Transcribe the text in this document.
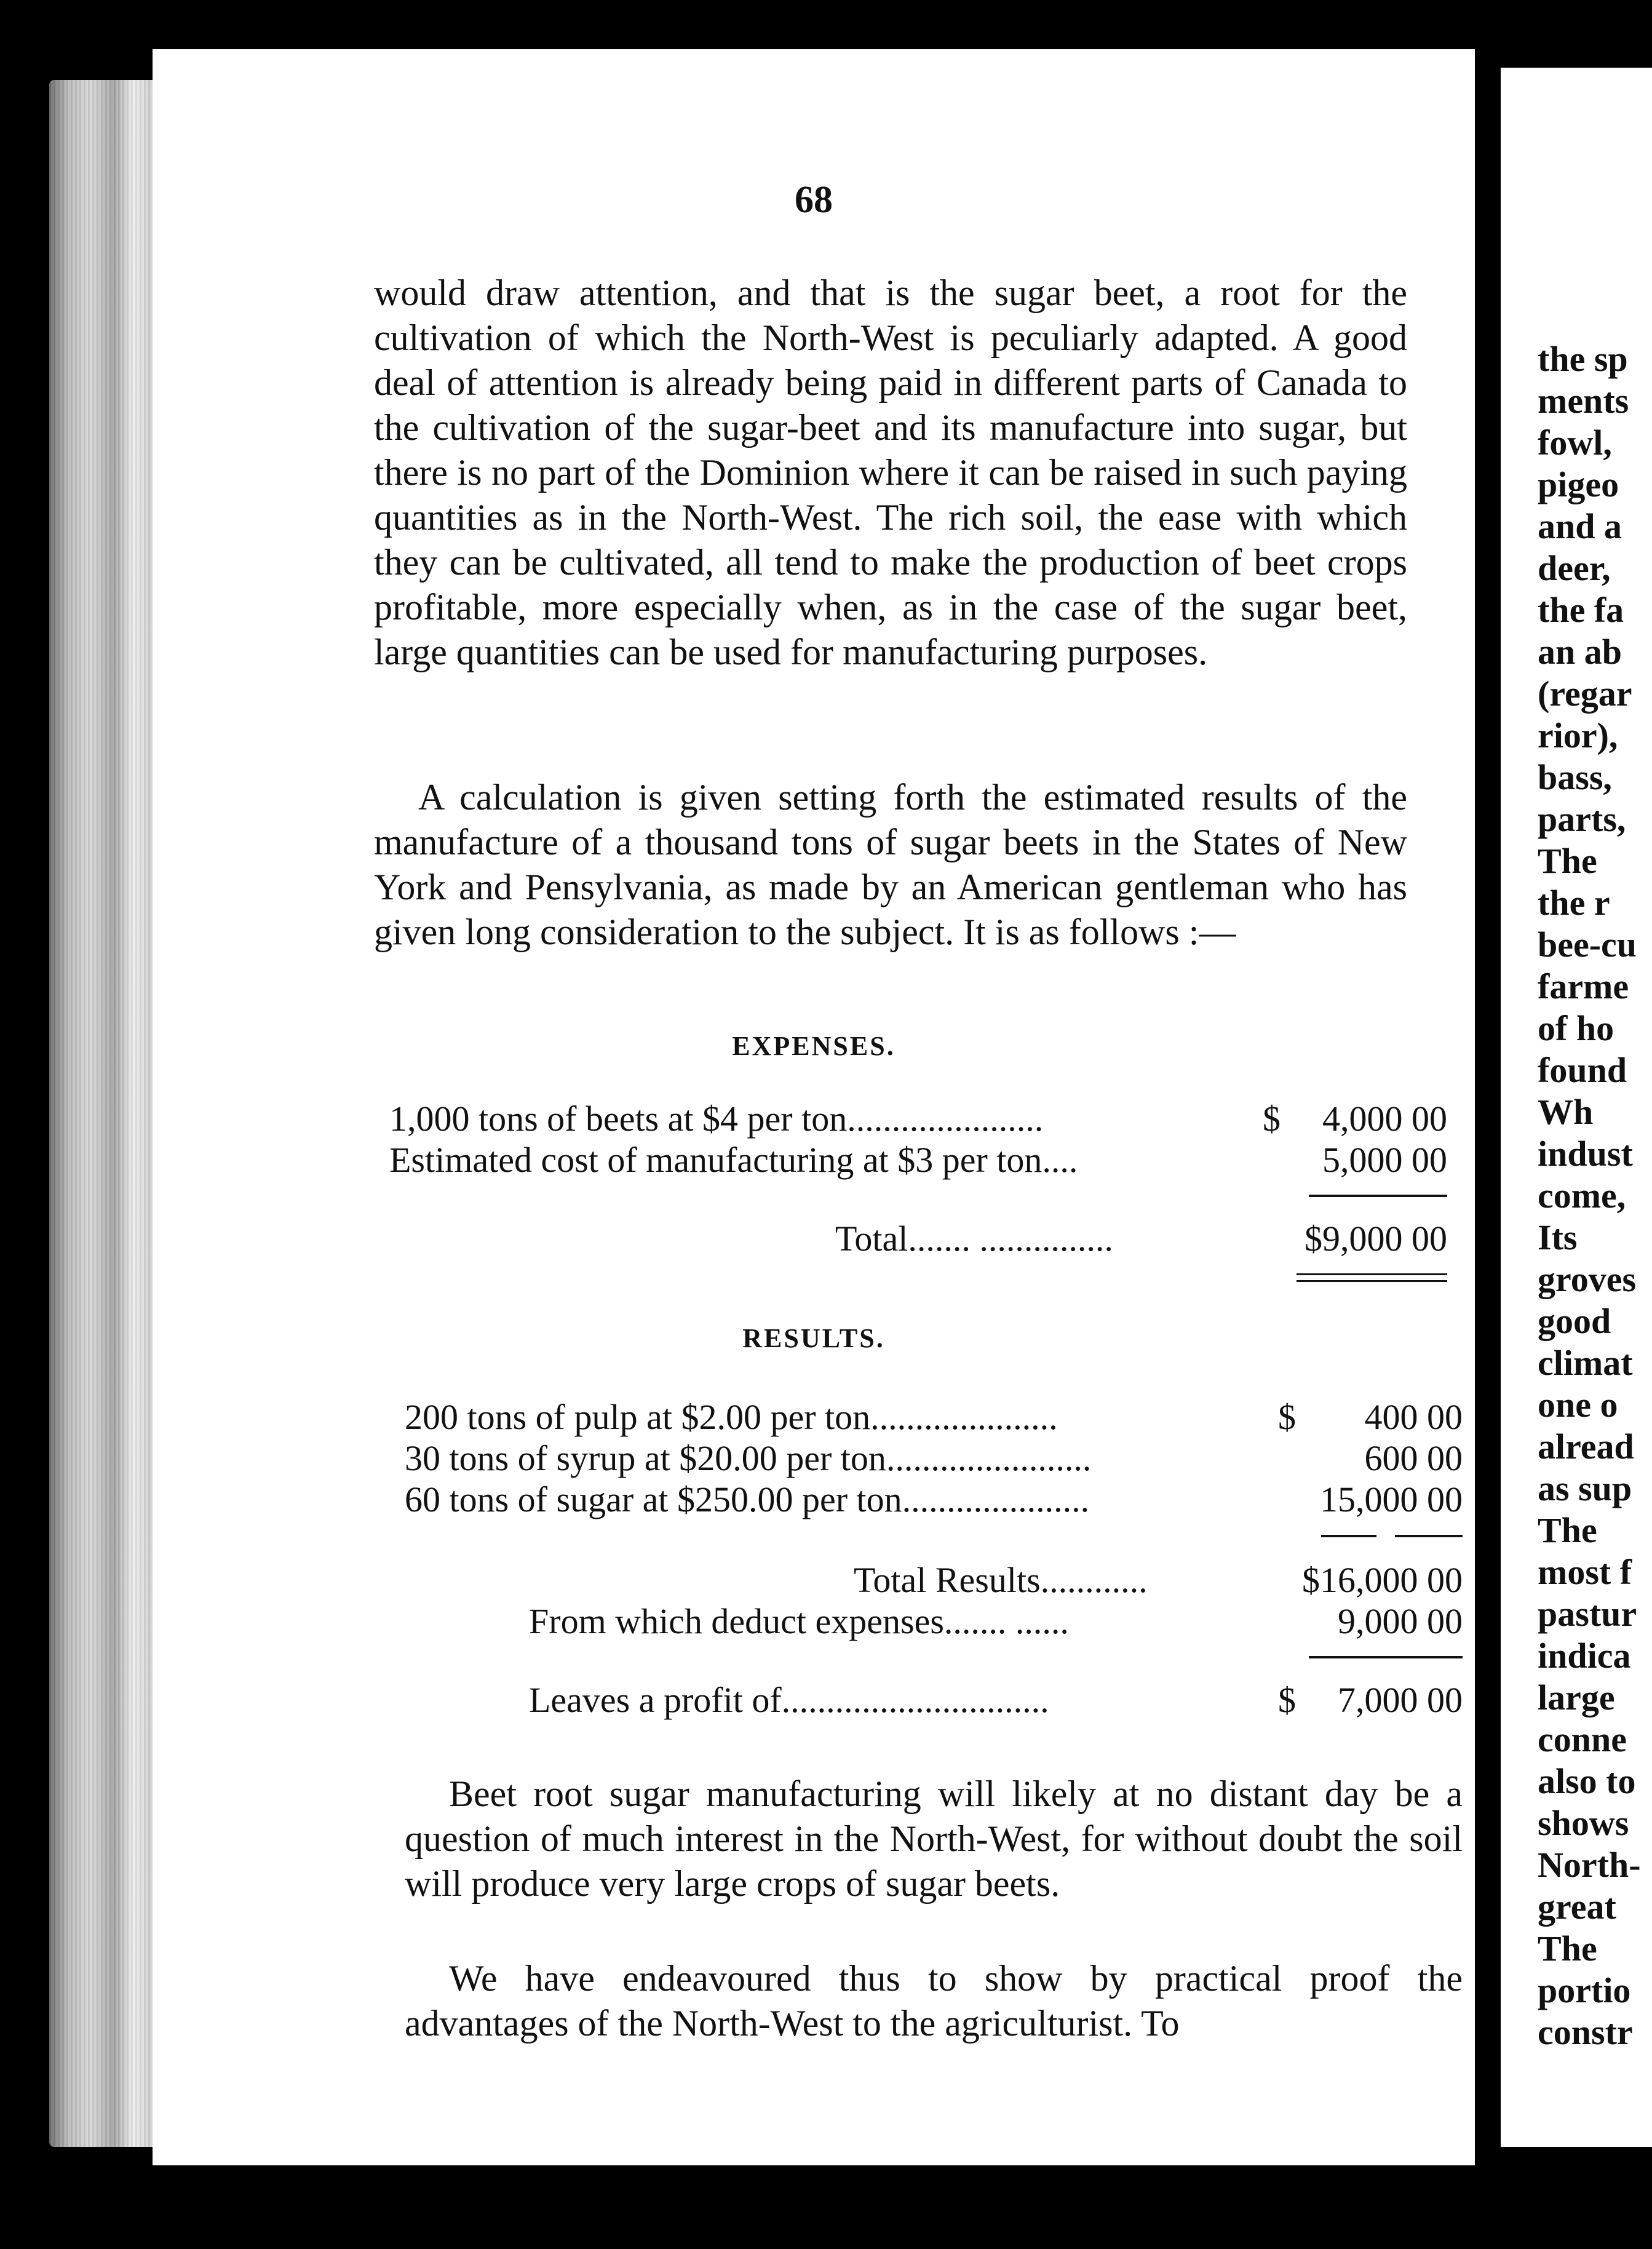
68

would draw attention, and that is the sugar beet, a root for the cultivation of which the North-West is peculiarly adapted. A good deal of attention is already being paid in different parts of Canada to the cultivation of the sugar-beet and its manufacture into sugar, but there is no part of the Dominion where it can be raised in such paying quantities as in the North-West. The rich soil, the ease with which they can be cultivated, all tend to make the production of beet crops profitable, more especially when, as in the case of the sugar beet, large quantities can be used for manufacturing purposes.

A calculation is given setting forth the estimated results of the manufacture of a thousand tons of sugar beets in the States of New York and Pensylvania, as made by an American gentleman who has given long consideration to the subject. It is as follows :—

EXPENSES.
1,000 tons of beets at $4 per ton......................	$	4,000 00
Estimated cost of manufacturing at $3 per ton....	5,000 00
Total....... ...............	$9,000 00
RESULTS.
200 tons of pulp at $2.00 per ton.....................	$	400 00
30 tons of syrup at $20.00 per ton.......................	600 00
60 tons of sugar at $250.00 per ton.....................	15,000 00
Total Results............	$16,000 00
From which deduct expenses....... ......	9,000 00
Leaves a profit of..............................	$	7,000 00

Beet root sugar manufacturing will likely at no distant day be a question of much interest in the North-West, for without doubt the soil will produce very large crops of sugar beets.

We have endeavoured thus to show by practical proof the advantages of the North-West to the agriculturist. To

the sp
ments
fowl,
pigeo
and a
deer,
the fa
an ab
(regar
rior),
bass,
parts,
The
the r
bee-cu
farme
of ho
found
Wh
indust
come,
Its
groves
good
climat
one o
alread
as sup
The
most f
pastur
indica
large
conne
also to
shows
North-
great
The
portio
constr
